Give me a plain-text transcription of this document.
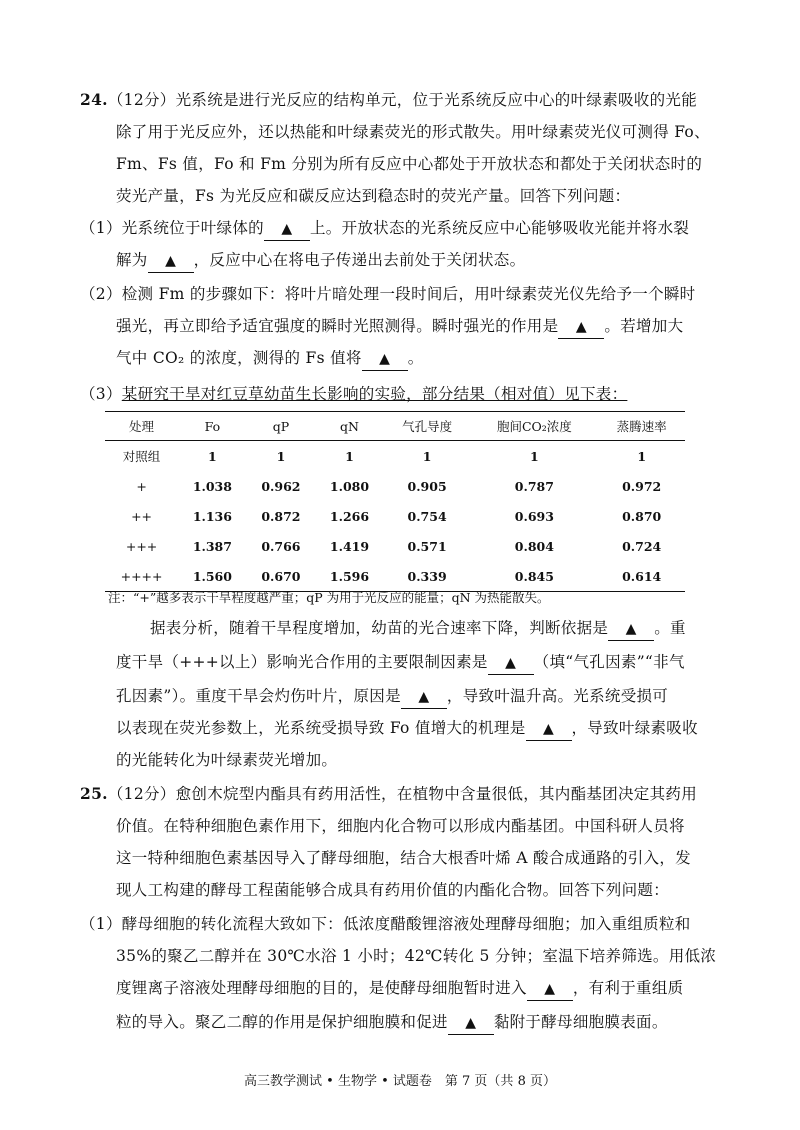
24.（12分）光系统是进行光反应的结构单元，位于光系统反应中心的叶绿素吸收的光能
除了用于光反应外，还以热能和叶绿素荧光的形式散失。用叶绿素荧光仪可测得 Fo、
Fm、Fs 值，Fo 和 Fm 分别为所有反应中心都处于开放状态和都处于关闭状态时的
荧光产量，Fs 为光反应和碳反应达到稳态时的荧光产量。回答下列问题：
（1）光系统位于叶绿体的 ▲ 上。开放状态的光系统反应中心能够吸收光能并将水裂
解为 ▲ ，反应中心在将电子传递出去前处于关闭状态。
（2）检测 Fm 的步骤如下：将叶片暗处理一段时间后，用叶绿素荧光仪先给予一个瞬时
强光，再立即给予适宜强度的瞬时光照测得。瞬时强光的作用是 ▲ 。若增加大
气中 CO₂ 的浓度，测得的 Fs 值将 ▲ 。
（3）某研究干旱对红豆草幼苗生长影响的实验，部分结果（相对值）见下表：
处理	Fo	qP	qN	气孔导度	胞间CO₂浓度	蒸腾速率
对照组	1	1	1	1	1	1
+	1.038	0.962	1.080	0.905	0.787	0.972
++	1.136	0.872	1.266	0.754	0.693	0.870
+++	1.387	0.766	1.419	0.571	0.804	0.724
++++	1.560	0.670	1.596	0.339	0.845	0.614
注：“+”越多表示干旱程度越严重；qP 为用于光反应的能量；qN 为热能散失。
据表分析，随着干旱程度增加，幼苗的光合速率下降，判断依据是 ▲ 。重
度干旱（+++以上）影响光合作用的主要限制因素是 ▲ （填“气孔因素”“非气
孔因素”）。重度干旱会灼伤叶片，原因是 ▲ ，导致叶温升高。光系统受损可
以表现在荧光参数上，光系统受损导致 Fo 值增大的机理是 ▲ ，导致叶绿素吸收
的光能转化为叶绿素荧光增加。
25.（12分）愈创木烷型内酯具有药用活性，在植物中含量很低，其内酯基团决定其药用
价值。在特种细胞色素作用下，细胞内化合物可以形成内酯基团。中国科研人员将
这一特种细胞色素基因导入了酵母细胞，结合大根香叶烯 A 酸合成通路的引入，发
现人工构建的酵母工程菌能够合成具有药用价值的内酯化合物。回答下列问题：
（1）酵母细胞的转化流程大致如下：低浓度醋酸锂溶液处理酵母细胞；加入重组质粒和
35%的聚乙二醇并在 30℃水浴 1 小时；42℃转化 5 分钟；室温下培养筛选。用低浓
度锂离子溶液处理酵母细胞的目的，是使酵母细胞暂时进入 ▲ ，有利于重组质
粒的导入。聚乙二醇的作用是保护细胞膜和促进 ▲ 黏附于酵母细胞膜表面。
高三教学测试 • 生物学 • 试题卷　第 7 页（共 8 页）
